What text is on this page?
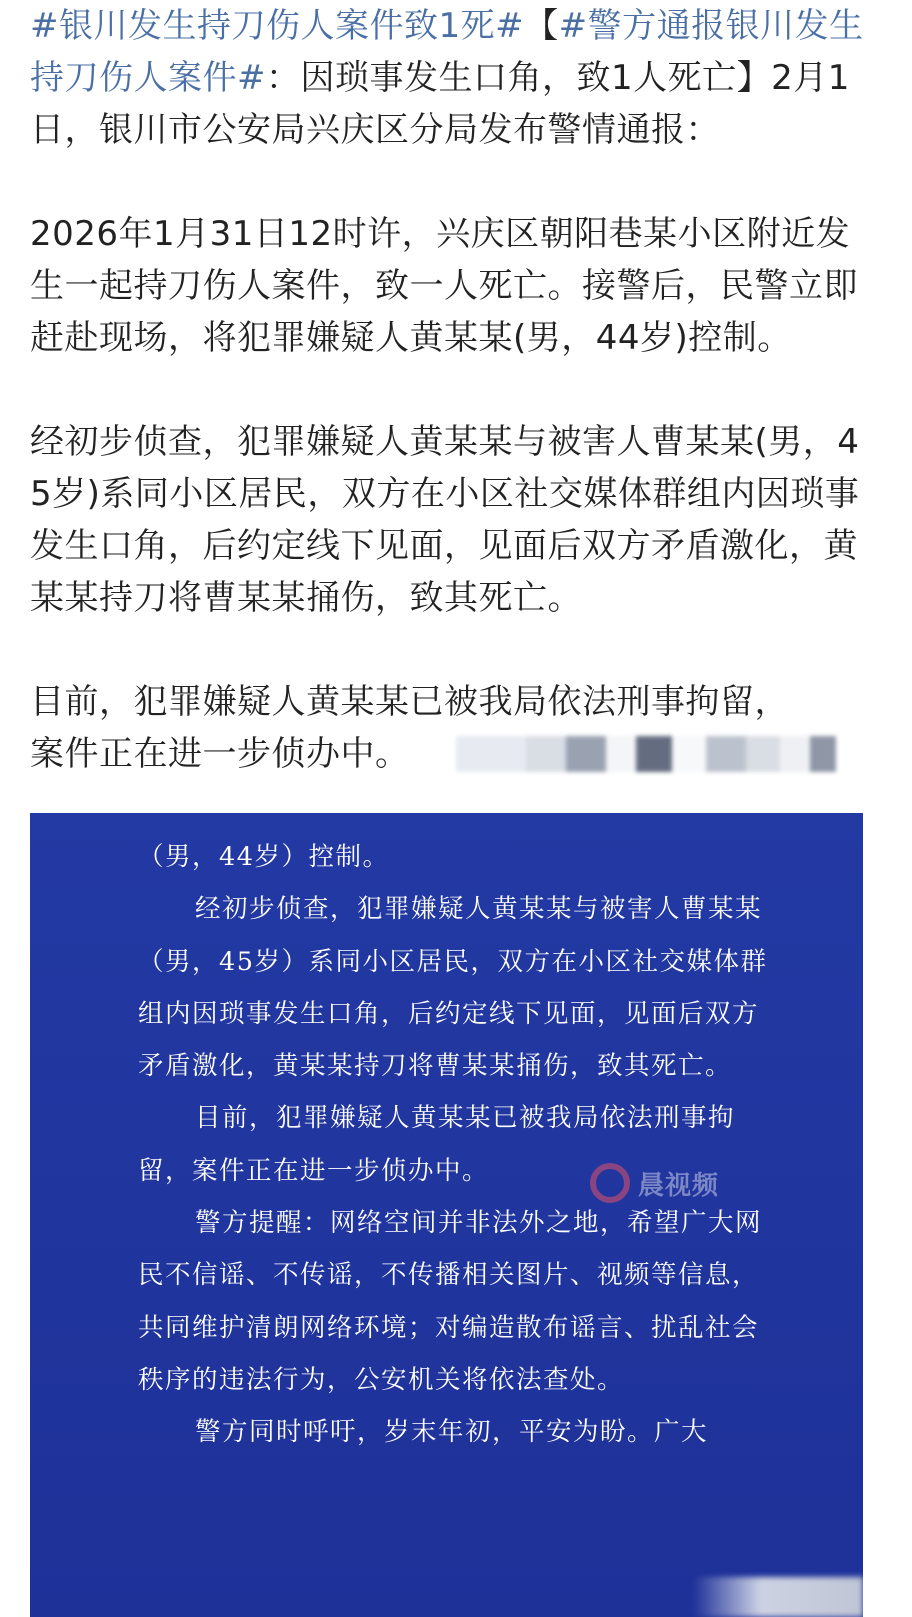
#银川发生持刀伤人案件致1死#【#警方通报银川发生持刀伤人案件#：因琐事发生口角，致1人死亡】2月1日，银川市公安局兴庆区分局发布警情通报：

2026年1月31日12时许，兴庆区朝阳巷某小区附近发生一起持刀伤人案件，致一人死亡。接警后，民警立即赶赴现场，将犯罪嫌疑人黄某某(男，44岁)控制。

经初步侦查，犯罪嫌疑人黄某某与被害人曹某某(男，45岁)系同小区居民，双方在小区社交媒体群组内因琐事发生口角，后约定线下见面，见面后双方矛盾激化，黄某某持刀将曹某某捅伤，致其死亡。

目前，犯罪嫌疑人黄某某已被我局依法刑事拘留，

案件正在进一步侦办中。

（男，44岁）控制。

经初步侦查，犯罪嫌疑人黄某某与被害人曹某某（男，45岁）系同小区居民，双方在小区社交媒体群组内因琐事发生口角，后约定线下见面，见面后双方矛盾激化，黄某某持刀将曹某某捅伤，致其死亡。

目前，犯罪嫌疑人黄某某已被我局依法刑事拘留，案件正在进一步侦办中。

警方提醒：网络空间并非法外之地，希望广大网民不信谣、不传谣，不传播相关图片、视频等信息，共同维护清朗网络环境；对编造散布谣言、扰乱社会秩序的违法行为，公安机关将依法查处。

警方同时呼吁，岁末年初，平安为盼。广大

晨视频
